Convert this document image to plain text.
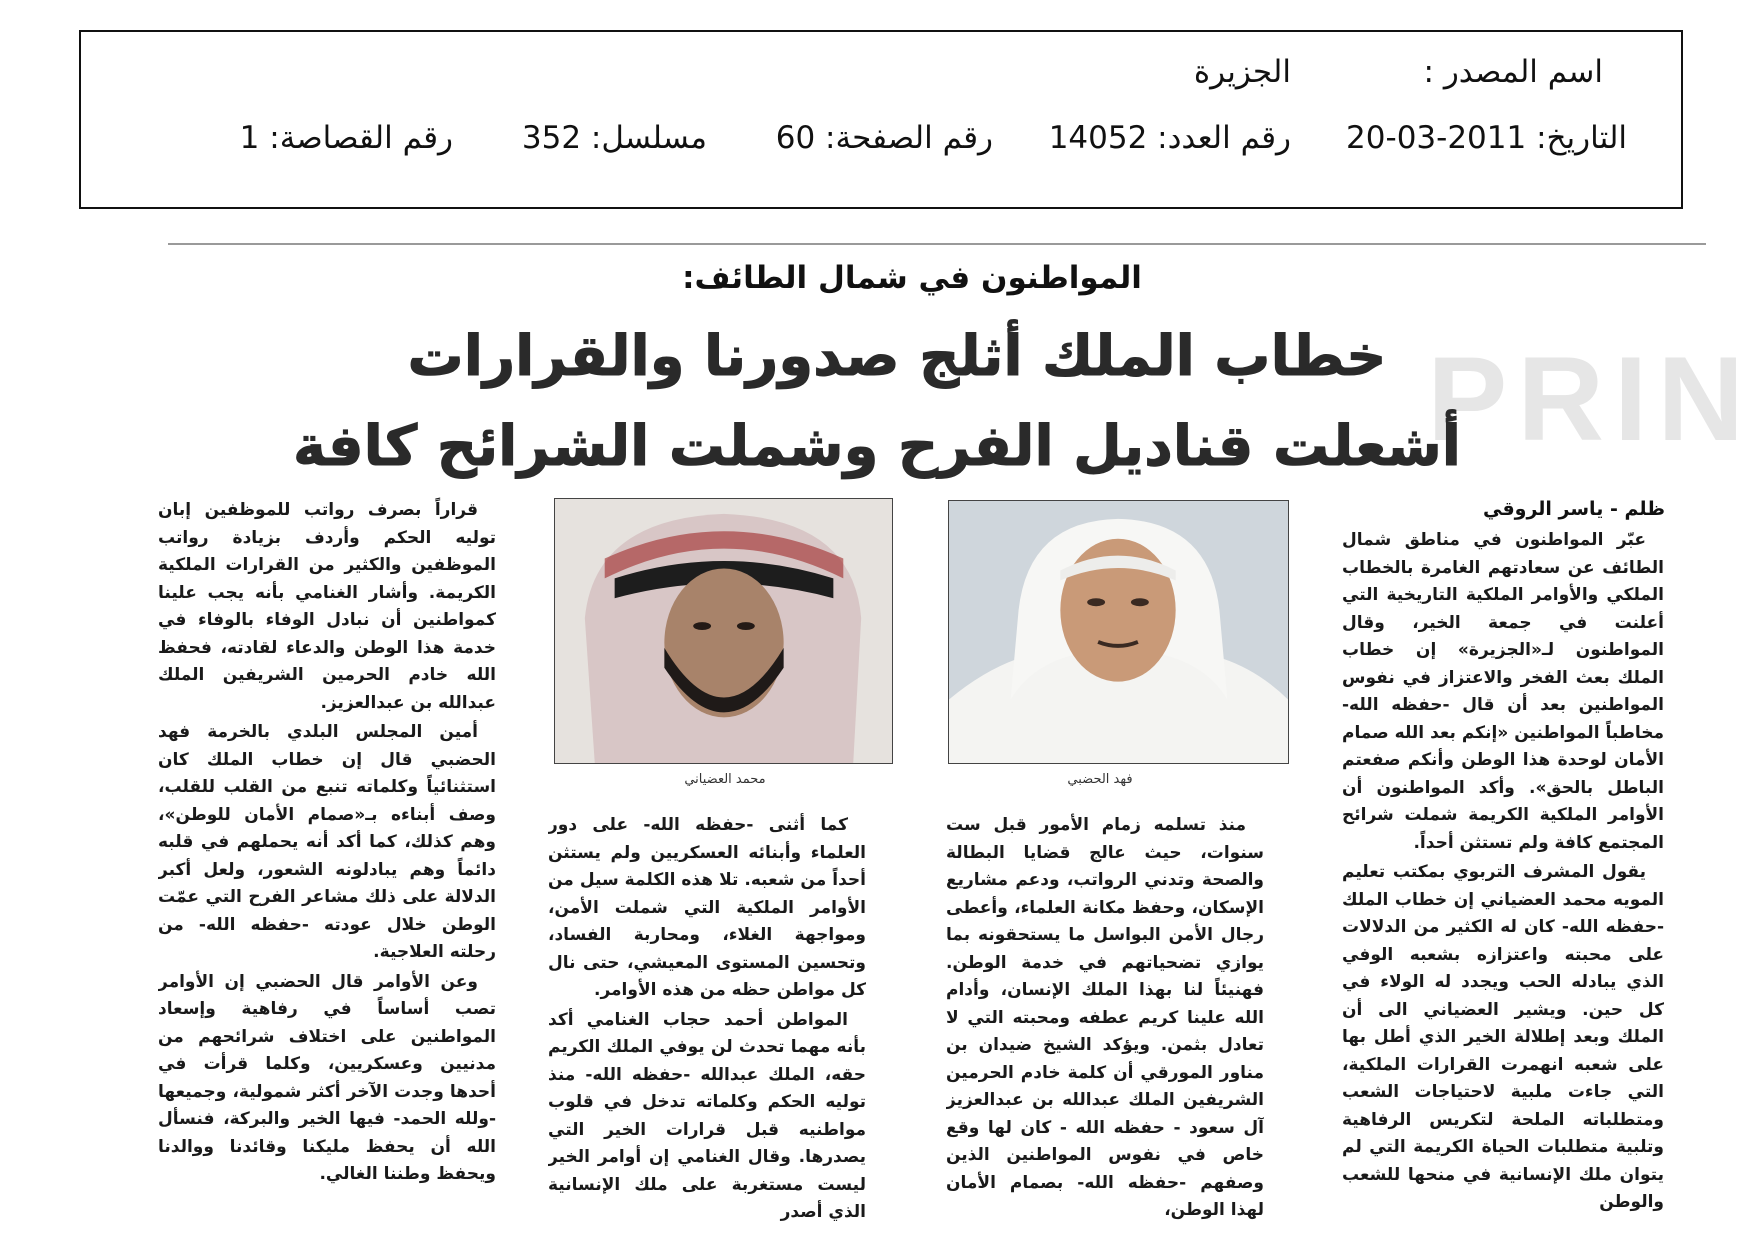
PRIN
اسم المصدر :
الجزيرة
التاريخ: 2011-03-20
رقم العدد: 14052
رقم الصفحة: 60
مسلسل: 352
رقم القصاصة: 1
المواطنون في شمال الطائف:
خطاب الملك أثلج صدورنا والقرارات
أشعلت قناديل الفرح وشملت الشرائح كافة
ظلم - ياسر الروقي

عبّر المواطنون في مناطق شمال الطائف عن سعادتهم الغامرة بالخطاب الملكي والأوامر الملكية التاريخية التي أعلنت في جمعة الخير، وقال المواطنون لـ«الجزيرة» إن خطاب الملك بعث الفخر والاعتزاز في نفوس المواطنين بعد أن قال -حفظه الله- مخاطباً المواطنين «إنكم بعد الله صمام الأمان لوحدة هذا الوطن وأنكم صفعتم الباطل بالحق». وأكد المواطنون أن الأوامر الملكية الكريمة شملت شرائح المجتمع كافة ولم تستثن أحداً.

يقول المشرف التربوي بمكتب تعليم المويه محمد العضياني إن خطاب الملك -حفظه الله- كان له الكثير من الدلالات على محبته واعتزازه بشعبه الوفي الذي يبادله الحب ويجدد له الولاء في كل حين. ويشير العضياني الى أن الملك وبعد إطلالة الخير الذي أطل بها على شعبه انهمرت القرارات الملكية، التي جاءت ملبية لاحتياجات الشعب ومتطلباته الملحة لتكريس الرفاهية وتلبية متطلبات الحياة الكريمة التي لم يتوان ملك الإنسانية في منحها للشعب والوطن

فهد الحضبي
محمد العضياني

منذ تسلمه زمام الأمور قبل ست سنوات، حيث عالج قضايا البطالة والصحة وتدني الرواتب، ودعم مشاريع الإسكان، وحفظ مكانة العلماء، وأعطى رجال الأمن البواسل ما يستحقونه بما يوازي تضحياتهم في خدمة الوطن. فهنيئاً لنا بهذا الملك الإنسان، وأدام الله علينا كريم عطفه ومحبته التي لا تعادل بثمن. ويؤكد الشيخ ضيدان بن مناور المورقي أن كلمة خادم الحرمين الشريفين الملك عبدالله بن عبدالعزيز آل سعود - حفظه الله - كان لها وقع خاص في نفوس المواطنين الذين وصفهم -حفظه الله- بصمام الأمان لهذا الوطن،

كما أثنى -حفظه الله- على دور العلماء وأبنائه العسكريين ولم يستثن أحداً من شعبه. تلا هذه الكلمة سيل من الأوامر الملكية التي شملت الأمن، ومواجهة الغلاء، ومحاربة الفساد، وتحسين المستوى المعيشي، حتى نال كل مواطن حظه من هذه الأوامر.

المواطن أحمد حجاب الغنامي أكد بأنه مهما تحدث لن يوفي الملك الكريم حقه، الملك عبدالله -حفظه الله- منذ توليه الحكم وكلماته تدخل في قلوب مواطنيه قبل قرارات الخير التي يصدرها. وقال الغنامي إن أوامر الخير ليست مستغربة على ملك الإنسانية الذي أصدر

قراراً بصرف رواتب للموظفين إبان توليه الحكم وأردف بزيادة رواتب الموظفين والكثير من القرارات الملكية الكريمة. وأشار الغنامي بأنه يجب علينا كمواطنين أن نبادل الوفاء بالوفاء في خدمة هذا الوطن والدعاء لقادته، فحفظ الله خادم الحرمين الشريفين الملك عبدالله بن عبدالعزيز.

أمين المجلس البلدي بالخرمة فهد الحضبي قال إن خطاب الملك كان استثنائياً وكلماته تنبع من القلب للقلب، وصف أبناءه بـ«صمام الأمان للوطن»، وهم كذلك، كما أكد أنه يحملهم في قلبه دائماً وهم يبادلونه الشعور، ولعل أكبر الدلالة على ذلك مشاعر الفرح التي عمّت الوطن خلال عودته -حفظه الله- من رحلته العلاجية.

وعن الأوامر قال الحضبي إن الأوامر تصب أساساً في رفاهية وإسعاد المواطنين على اختلاف شرائحهم من مدنيين وعسكريين، وكلما قرأت في أحدها وجدت الآخر أكثر شمولية، وجميعها -ولله الحمد- فيها الخير والبركة، فنسأل الله أن يحفظ مليكنا وقائدنا ووالدنا ويحفظ وطننا الغالي.
